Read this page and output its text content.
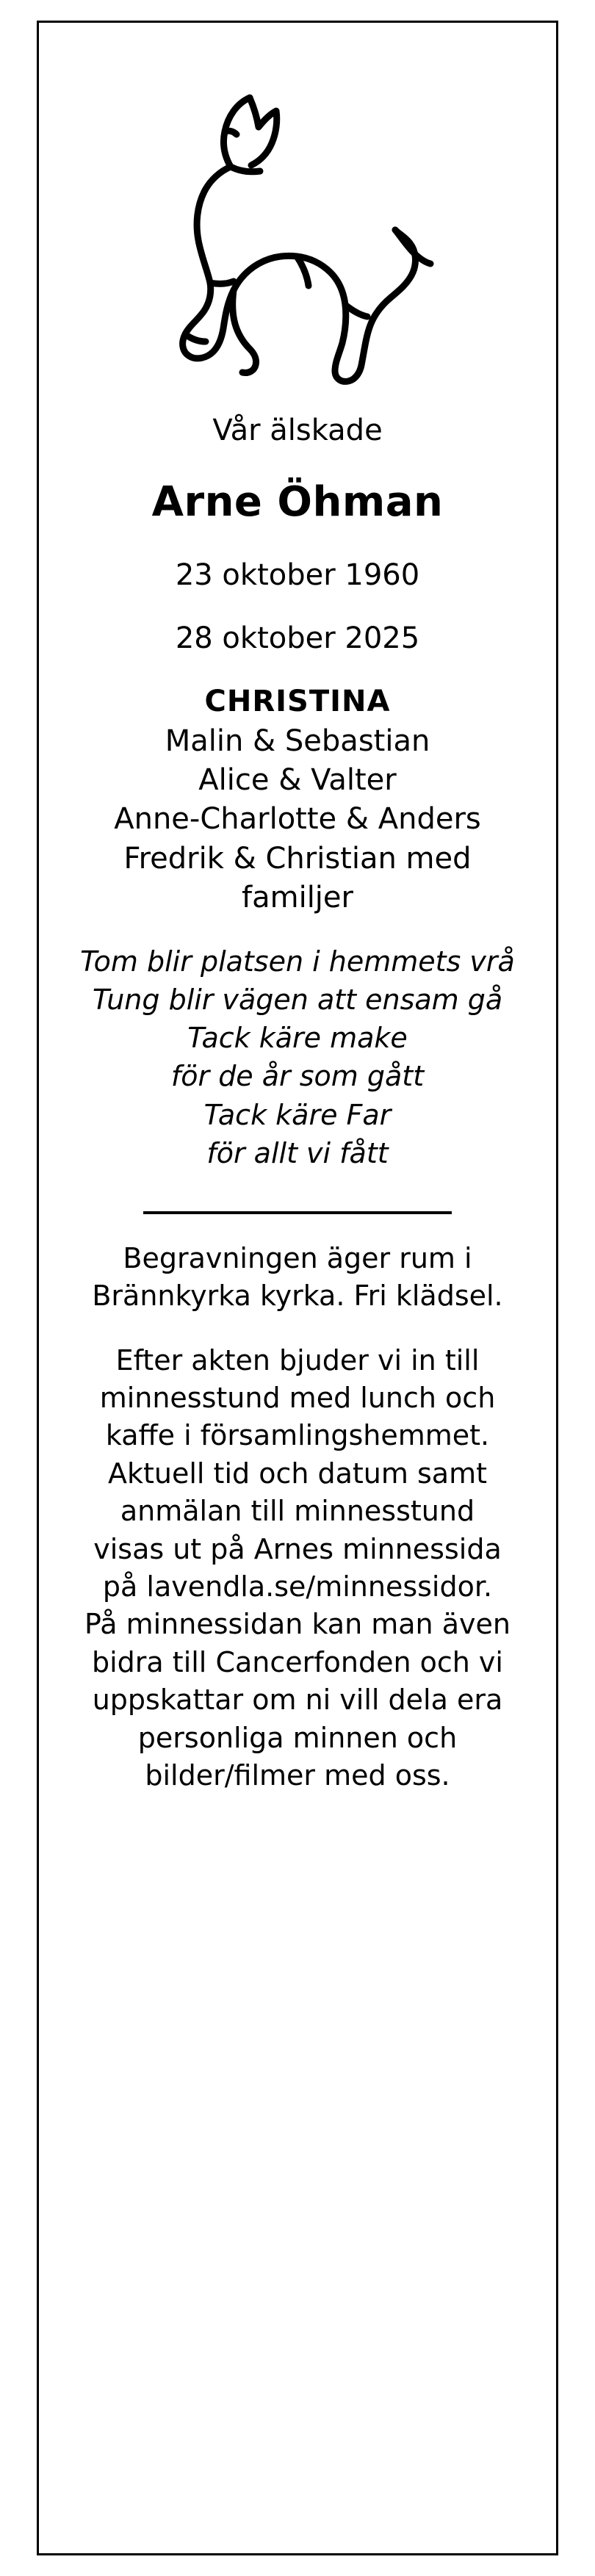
Vår älskade
Arne Öhman
23 oktober 1960
28 oktober 2025
CHRISTINA
Malin & Sebastian
Alice & Valter
Anne-Charlotte & Anders
Fredrik & Christian med
familjer
Tom blir platsen i hemmets vrå
Tung blir vägen att ensam gå
Tack käre make
för de år som gått
Tack käre Far
för allt vi fått
Begravningen äger rum i
Brännkyrka kyrka. Fri klädsel.
Efter akten bjuder vi in till
minnesstund med lunch och
kaffe i församlingshemmet.
Aktuell tid och datum samt
anmälan till minnesstund
visas ut på Arnes minnessida
på lavendla.se/minnessidor.
På minnessidan kan man även
bidra till Cancerfonden och vi
uppskattar om ni vill dela era
personliga minnen och
bilder/filmer med oss.
